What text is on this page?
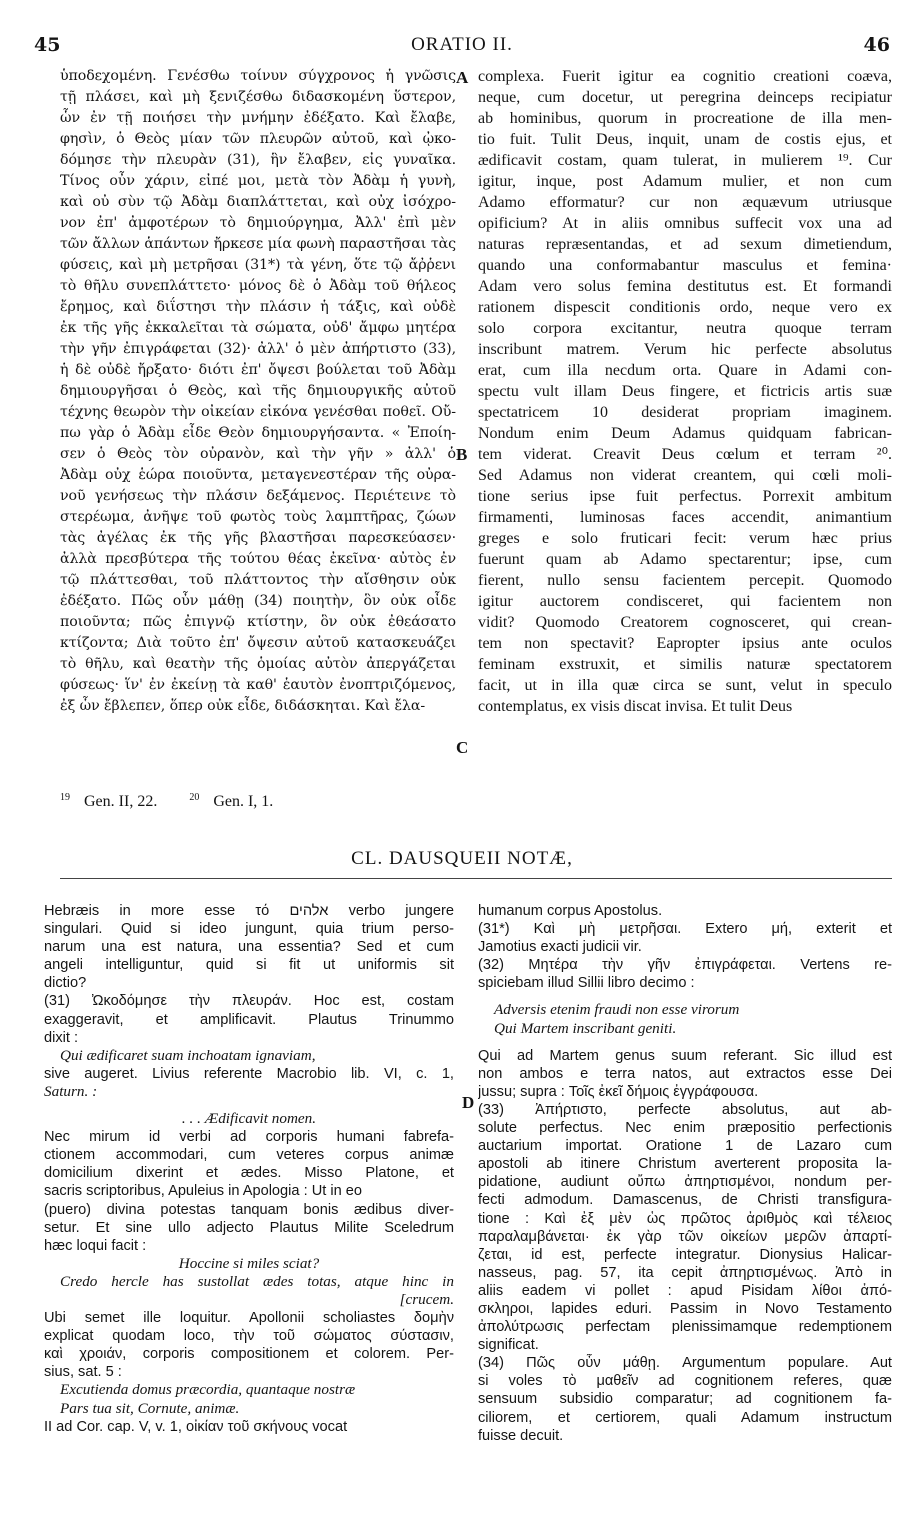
45	ORATIO II.	46
ὑποδεχομένη. Γενέσθω τοίνυν σύγχρονος ἡ γνῶσις
τῇ πλάσει, καὶ μὴ ξενιζέσθω διδασκομένη ὕστερον,
ὧν ἐν τῇ ποιήσει τὴν μνήμην ἐδέξατο. Καὶ ἔλαβε,
φησὶν, ὁ Θεὸς μίαν τῶν πλευρῶν αὐτοῦ, καὶ ᾠκο-
δόμησε τὴν πλευρὰν (31), ἣν ἔλαβεν, εἰς γυναῖκα.
Τίνος οὖν χάριν, εἰπέ μοι, μετὰ τὸν Ἀδὰμ ἡ γυνὴ,
καὶ οὐ σὺν τῷ Ἀδὰμ διαπλάττεται, καὶ οὐχ ἰσόχρο-
νον ἐπ' ἀμφοτέρων τὸ δημιούργημα, Ἀλλ' ἐπὶ μὲν
τῶν ἄλλων ἁπάντων ἤρκεσε μία φωνὴ παραστῆσαι τὰς
φύσεις, καὶ μὴ μετρῆσαι (31*) τὰ γένη, ὅτε τῷ ἄῤῥενι
τὸ θῆλυ συνεπλάττετο· μόνος δὲ ὁ Ἀδὰμ τοῦ θήλεος
ἔρημος, καὶ διΐστησι τὴν πλάσιν ἡ τάξις, καὶ οὐδὲ
ἐκ τῆς γῆς ἐκκαλεῖται τὰ σώματα, οὐδ' ἄμφω μητέρα
τὴν γῆν ἐπιγράφεται (32)· ἀλλ' ὁ μὲν ἀπήρτιστο (33),
ἡ δὲ οὐδὲ ἤρξατο· διότι ἐπ' ὄψεσι βούλεται τοῦ Ἀδὰμ
δημιουργῆσαι ὁ Θεὸς, καὶ τῆς δημιουργικῆς αὐτοῦ
τέχνης θεωρὸν τὴν οἰκείαν εἰκόνα γενέσθαι ποθεῖ. Οὔ-
πω γὰρ ὁ Ἀδὰμ εἶδε Θεὸν δημιουργήσαντα. « Ἐποίη-
σεν ὁ Θεὸς τὸν οὐρανὸν, καὶ τὴν γῆν » ἀλλ' ὁ
Ἀδὰμ οὐχ ἑώρα ποιοῦντα, μεταγενεστέραν τῆς οὐρα-
νοῦ γενήσεως τὴν πλάσιν δεξάμενος. Περιέτεινε τὸ
στερέωμα, ἀνῆψε τοῦ φωτὸς τοὺς λαμπτῆρας, ζώων
τὰς ἀγέλας ἐκ τῆς γῆς βλαστῆσαι παρεσκεύασεν·
ἀλλὰ πρεσβύτερα τῆς τούτου θέας ἐκεῖνα· αὐτὸς ἐν
τῷ πλάττεσθαι, τοῦ πλάττοντος τὴν αἴσθησιν οὐκ
ἐδέξατο. Πῶς οὖν μάθῃ (34) ποιητὴν, ὃν οὐκ οἶδε
ποιοῦντα; πῶς ἐπιγνῷ κτίστην, ὃν οὐκ ἐθεάσατο
κτίζοντα; Διὰ τοῦτο ἐπ' ὄψεσιν αὐτοῦ κατασκευάζει
τὸ θῆλυ, καὶ θεατὴν τῆς ὁμοίας αὐτὸν ἀπεργάζεται
φύσεως· ἵν' ἐν ἐκείνῃ τὰ καθ' ἑαυτὸν ἐνοπτριζόμενος,
ἐξ ὧν ἔβλεπεν, ὅπερ οὐκ εἶδε, διδάσκηται. Καὶ ἔλα-
complexa. Fuerit igitur ea cognitio creationi coæva,
neque, cum docetur, ut peregrina deinceps recipiatur
ab hominibus, quorum in procreatione de illa men-
tio fuit. Tulit Deus, inquit, unam de costis ejus, et
ædificavit costam, quam tulerat, in mulierem ¹⁹. Cur
igitur, inque, post Adamum mulier, et non cum
Adamo efformatur? cur non æquævum utriusque
opificium? At in aliis omnibus suffecit vox una ad
naturas repræsentandas, et ad sexum dimetiendum,
quando una conformabantur masculus et femina·
Adam vero solus femina destitutus est. Et formandi
rationem dispescit conditionis ordo, neque vero ex
solo corpora excitantur, neutra quoque terram
inscribunt matrem. Verum hic perfecte absolutus
erat, cum illa necdum orta. Quare in Adami con-
spectu vult illam Deus fingere, et fictricis artis suæ
spectatricem 10 desiderat propriam imaginem.
Nondum enim Deum Adamus quidquam fabrican-
tem viderat. Creavit Deus cœlum et terram ²⁰.
Sed Adamus non viderat creantem, qui cœli moli-
tione serius ipse fuit perfectus. Porrexit ambitum
firmamenti, luminosas faces accendit, animantium
greges e solo fruticari fecit: verum hæc prius
fuerunt quam ab Adamo spectarentur; ipse, cum
fierent, nullo sensu facientem percepit. Quomodo
igitur auctorem condisceret, qui facientem non
vidit? Quomodo Creatorem cognosceret, qui crean-
tem non spectavit? Eapropter ipsius ante oculos
feminam exstruxit, et similis naturæ spectatorem
facit, ut in illa quæ circa se sunt, velut in speculo
contemplatus, ex visis discat invisa. Et tulit Deus
A
B
C
D
$^{19}$ Gen. II, 22.	$^{20}$ Gen. I, 1.
CL. DAUSQUEII NOTÆ,
Hebræis in more esse τό אלהים verbo jungere
singulari. Quid si ideo jungunt, quia trium perso-
narum una est natura, una essentia? Sed et cum
angeli intelliguntur, quid si fit ut uniformis sit
dictio?
(31) Ὠκοδόμησε τὴν πλευράν. Hoc est, costam
exaggeravit, et amplificavit. Plautus Trinummo
dixit :
Qui ædificaret suam inchoatam ignaviam,
sive augeret. Livius referente Macrobio lib. VI, c. 1,
Saturn. :
. . . Ædificavit nomen.
Nec mirum id verbi ad corporis humani fabrefa-
ctionem accommodari, cum veteres corpus animæ
domicilium dixerint et ædes. Misso Platone, et
sacris scriptoribus, Apuleius in Apologia : Ut in eo
(puero) divina potestas tanquam bonis ædibus diver-
setur. Et sine ullo adjecto Plautus Milite Sceledrum
hæc loqui facit :
Hoccine si miles sciat?
Credo hercle has sustollat ædes totas, atque hinc in
[crucem.
Ubi semet ille loquitur. Apollonii scholiastes δομὴν
explicat quodam loco, τὴν τοῦ σώματος σύστασιν,
καὶ χροιάν, corporis compositionem et colorem. Per-
sius, sat. 5 :
Excutienda domus præcordia, quantaque nostræ
Pars tua sit, Cornute, animæ.
II ad Cor. cap. V, v. 1, οἰκίαν τοῦ σκήνους vocat
humanum corpus Apostolus.
(31*) Καὶ μὴ μετρῆσαι. Extero μή, exterit et
Jamotius exacti judicii vir.
(32) Μητέρα τὴν γῆν ἐπιγράφεται. Vertens re-
spiciebam illud Sillii libro decimo :
Adversis etenim fraudi non esse virorum
Qui Martem inscribant geniti.
Qui ad Martem genus suum referant. Sic illud est
non ambos e terra natos, aut extractos esse Dei
jussu; supra : Τοῖς ἐκεῖ δήμοις ἐγγράφουσα.
(33) Ἀπήρτιστο, perfecte absolutus, aut ab-
solute perfectus. Nec enim præpositio perfectionis
auctarium importat. Oratione 1 de Lazaro cum
apostoli ab itinere Christum averterent proposita la-
pidatione, audiunt οὔπω ἀπηρτισμένοι, nondum per-
fecti admodum. Damascenus, de Christi transfigura-
tione : Καὶ ἐξ μὲν ὡς πρῶτος ἀριθμὸς καὶ τέλειος
παραλαμβάνεται· ἐκ γὰρ τῶν οἰκείων μερῶν ἀπαρτί-
ζεται, id est, perfecte integratur. Dionysius Halicar-
nasseus, pag. 57, ita cepit ἀπηρτισμένως. Ἀπὸ in
aliis eadem vi pollet : apud Pisidam λίθοι ἀπό-
σκληροι, lapides eduri. Passim in Novo Testamento
ἀπολύτρωσις perfectam plenissimamque redemptionem
significat.
(34) Πῶς οὖν μάθῃ. Argumentum populare. Aut
si voles τὸ μαθεῖν ad cognitionem referes, quæ
sensuum subsidio comparatur; ad cognitionem fa-
ciliorem, et certiorem, quali Adamum instructum
fuisse decuit.
